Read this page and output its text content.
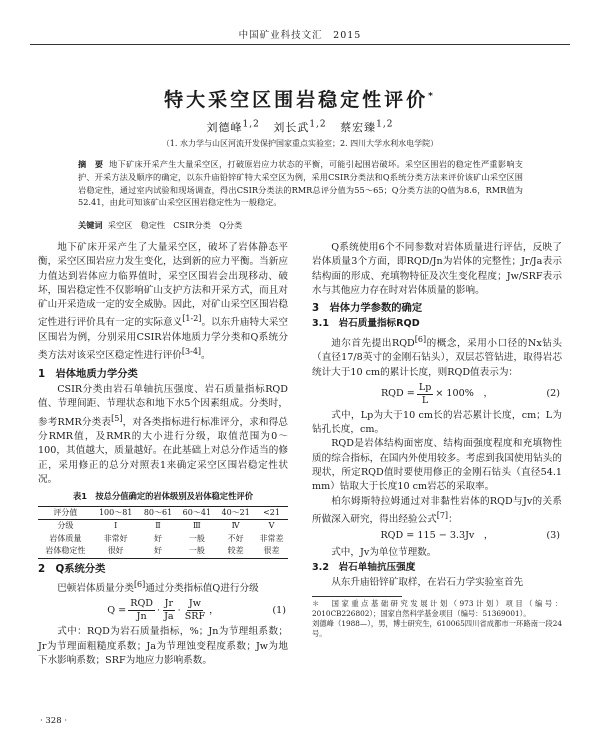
中国矿业科技文汇　2015
特大采空区围岩稳定性评价*
刘德峰$^{1,2}$ 刘长武$^{1,2}$ 蔡宏臻$^{1,2}$
（1. 水力学与山区河流开发保护国家重点实验室；2. 四川大学水利水电学院）
摘　要 地下矿床开采产生大量采空区，打破原岩应力状态的平衡，可能引起围岩破坏。采空区围岩的稳定性严重影响支护、开采方法及顺序的确定，以东升庙铅锌矿特大采空区为例，采用CSIR分类法和Q系统分类方法来评价该矿山采空区围岩稳定性，通过室内试验和现场调查，得出CSIR分类法的RMR总评分值为55～65；Q分类方法的Q值为8.6，RMR值为52.41，由此可知该矿山采空区围岩稳定性为一般稳定。
关键词 采空区　稳定性　CSIR分类　Q分类

地下矿床开采产生了大量采空区，破坏了岩体静态平衡，采空区围岩应力发生变化，达到新的应力平衡。当新应力值达到岩体应力临界值时，采空区围岩会出现移动、破坏，围岩稳定性不仅影响矿山支护方法和开采方式，而且对矿山开采造成一定的安全威胁。因此，对矿山采空区围岩稳定性进行评价具有一定的实际意义[1-2]。以东升庙特大采空区围岩为例，分别采用CSIR岩体地质力学分类和Q系统分类方法对该采空区稳定性进行评价[3-4]。

1　岩体地质力学分类

CSIR分类由岩石单轴抗压强度、岩石质量指标RQD值、节理间距、节理状态和地下水5个因素组成。分类时，参考RMR分类表[5]，对各类指标进行标准评分，求和得总分RMR值，及RMR的大小进行分级，取值范围为0～100，其值越大，质量越好。在此基础上对总分作适当的修正，采用修正的总分对照表1来确定采空区围岩稳定性状况。

表1　按总分值确定的岩体级别及岩体稳定性评价
评分值	100～81	80～61	60～41	40～21	<21
分级	Ⅰ	Ⅱ	Ⅲ	Ⅳ	Ⅴ
岩体质量	非常好	好	一般	不好	非常差
岩体稳定性	很好	好	一般	较差	很差
2　Q系统分类

巴顿岩体质量分类[6]通过分类指标值Q进行分级

$Q = \frac{\text{RQD}}{Jn} \cdot \frac{Jr}{Ja} \cdot \frac{Jw}{\text{SRF}}$ ，	(1)

式中：RQD为岩石质量指标，%；Jn为节理组系数；Jr为节理面粗糙度系数；Ja为节理蚀变程度系数；Jw为地下水影响系数；SRF为地应力影响系数。

Q系统使用6个不同参数对岩体质量进行评估，反映了岩体质量3个方面，即RQD/Jn为岩体的完整性；Jr/Ja表示结构面的形成、充填物特征及次生变化程度；Jw/SRF表示水与其他应力存在时对岩体质量的影响。

3　岩体力学参数的确定
3.1　岩石质量指标RQD

迪尔首先提出RQD[6]的概念，采用小口径的Nx钻头（直径17/8英寸的金刚石钻头），双层芯管钻进，取得岩芯统计大于10 cm的累计长度，则RQD值表示为：

RQD = $\frac{Lp}{L} \times 100\%$　，	(2)

式中，Lp为大于10 cm长的岩芯累计长度，cm；L为钻孔长度，cm。

RQD是岩体结构面密度、结构面强度程度和充填物性质的综合指标，在国内外使用较多。考虑到我国使用钻头的现状，所定RQD值时要使用修正的金刚石钻头（直径54.1 mm）钻取大于长度10 cm岩芯的采取率。

柏尔姆斯特拉姆通过对非黏性岩体的RQD与Jv的关系所做深入研究，得出经验公式[7]：

RQD = 115 − 3.3Jv　，	(3)

式中，Jv为单位节理数。

3.2　岩石单轴抗压强度

从东升庙铅锌矿取样，在岩石力学实验室首先

＊　国家重点基础研究发展计划（973计划）项目（编号：2010CB226802）；国家自然科学基金项目（编号：51369001）。

刘德峰（1988—），男，博士研究生，610065四川省成都市一环路南一段24号。

· 328 ·
